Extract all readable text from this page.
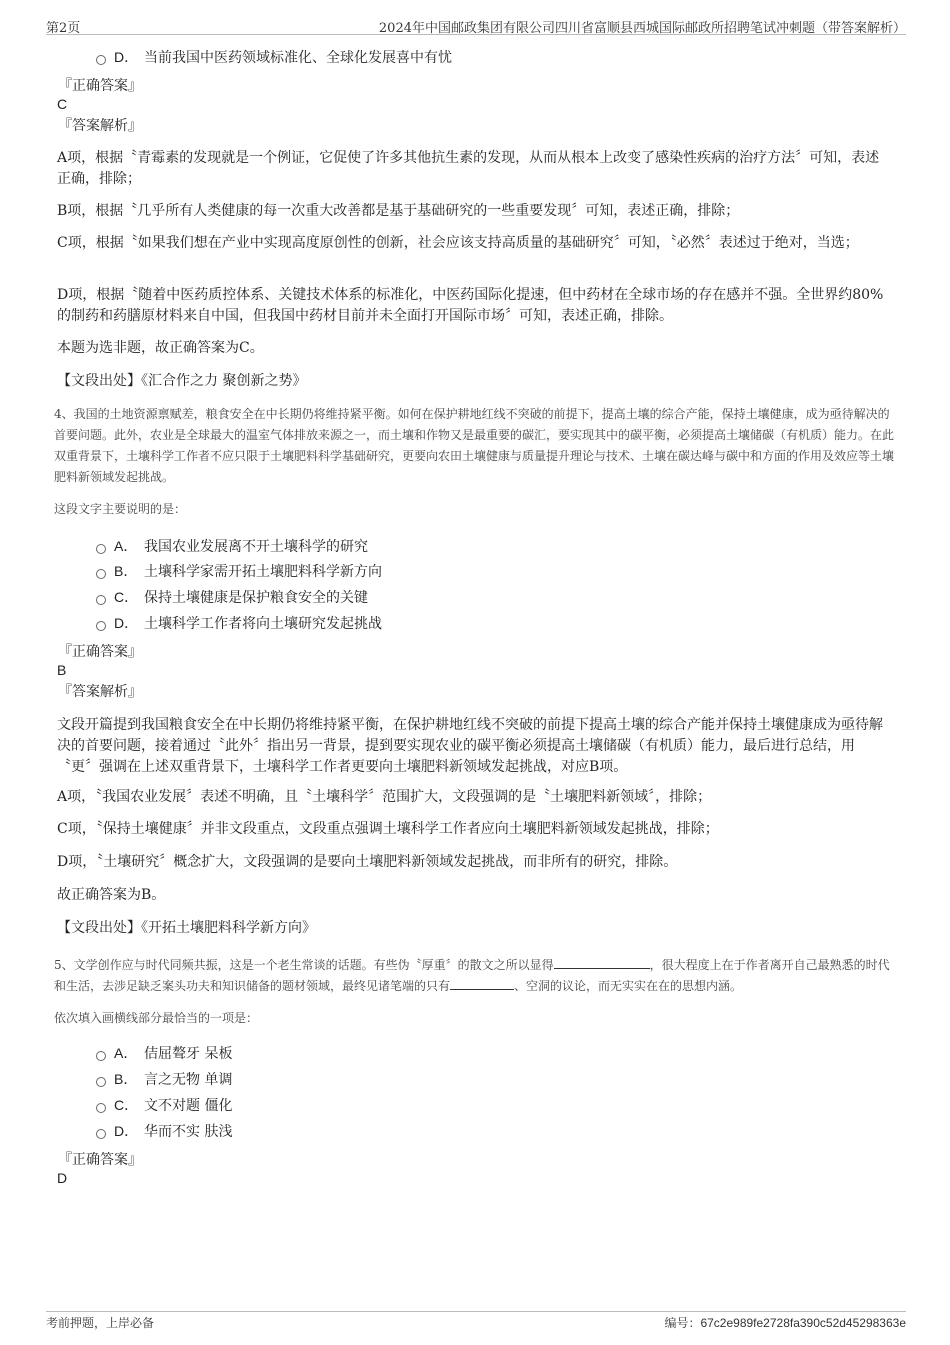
第2页	2024年中国邮政集团有限公司四川省富顺县西城国际邮政所招聘笔试冲刺题（带答案解析）
D． 当前我国中医药领域标准化、全球化发展喜中有忧
『正确答案』
C
『答案解析』
A项，根据〝青霉素的发现就是一个例证，它促使了许多其他抗生素的发现，从而从根本上改变了感染性疾病的治疗方法〞可知，表述正确，排除；
B项，根据〝几乎所有人类健康的每一次重大改善都是基于基础研究的一些重要发现〞可知，表述正确，排除；
C项，根据〝如果我们想在产业中实现高度原创性的创新，社会应该支持高质量的基础研究〞可知，〝必然〞表述过于绝对，当选；
D项，根据〝随着中医药质控体系、关键技术体系的标准化，中医药国际化提速，但中药材在全球市场的存在感并不强。全世界约80%的制药和药膳原材料来自中国，但我国中药材目前并未全面打开国际市场〞可知，表述正确，排除。
本题为选非题，故正确答案为C。
【文段出处】《汇合作之力 聚创新之势》
4、我国的土地资源禀赋差，粮食安全在中长期仍将维持紧平衡。如何在保护耕地红线不突破的前提下，提高土壤的综合产能，保持土壤健康，成为亟待解决的首要问题。此外，农业是全球最大的温室气体排放来源之一，而土壤和作物又是最重要的碳汇，要实现其中的碳平衡，必须提高土壤储碳（有机质）能力。在此双重背景下，土壤科学工作者不应只限于土壤肥料科学基础研究，更要向农田土壤健康与质量提升理论与技术、土壤在碳达峰与碳中和方面的作用及效应等土壤肥料新领域发起挑战。
这段文字主要说明的是：
A． 我国农业发展离不开土壤科学的研究
B． 土壤科学家需开拓土壤肥料科学新方向
C． 保持土壤健康是保护粮食安全的关键
D． 土壤科学工作者将向土壤研究发起挑战
『正确答案』
B
『答案解析』
文段开篇提到我国粮食安全在中长期仍将维持紧平衡，在保护耕地红线不突破的前提下提高土壤的综合产能并保持土壤健康成为亟待解决的首要问题，接着通过〝此外〞指出另一背景，提到要实现农业的碳平衡必须提高土壤储碳（有机质）能力，最后进行总结，用〝更〞强调在上述双重背景下，土壤科学工作者更要向土壤肥料新领域发起挑战，对应B项。
A项，〝我国农业发展〞表述不明确，且〝土壤科学〞范围扩大，文段强调的是〝土壤肥料新领域〞，排除；
C项，〝保持土壤健康〞并非文段重点，文段重点强调土壤科学工作者应向土壤肥料新领域发起挑战，排除；
D项，〝土壤研究〞概念扩大，文段强调的是要向土壤肥料新领域发起挑战，而非所有的研究，排除。
故正确答案为B。
【文段出处】《开拓土壤肥料科学新方向》
5、文学创作应与时代同频共振，这是一个老生常谈的话题。有些伪〝厚重〞的散文之所以显得	，很大程度上在于作者离开自己最熟悉的时代和生活，去涉足缺乏案头功夫和知识储备的题材领域，最终见诸笔端的只有	、空洞的议论，而无实实在在的思想内涵。
依次填入画横线部分最恰当的一项是：
A． 佶屈聱牙 呆板
B． 言之无物 单调
C． 文不对题 僵化
D． 华而不实 肤浅
『正确答案』
D
考前押题，上岸必备	编号：67c2e989fe2728fa390c52d45298363e
